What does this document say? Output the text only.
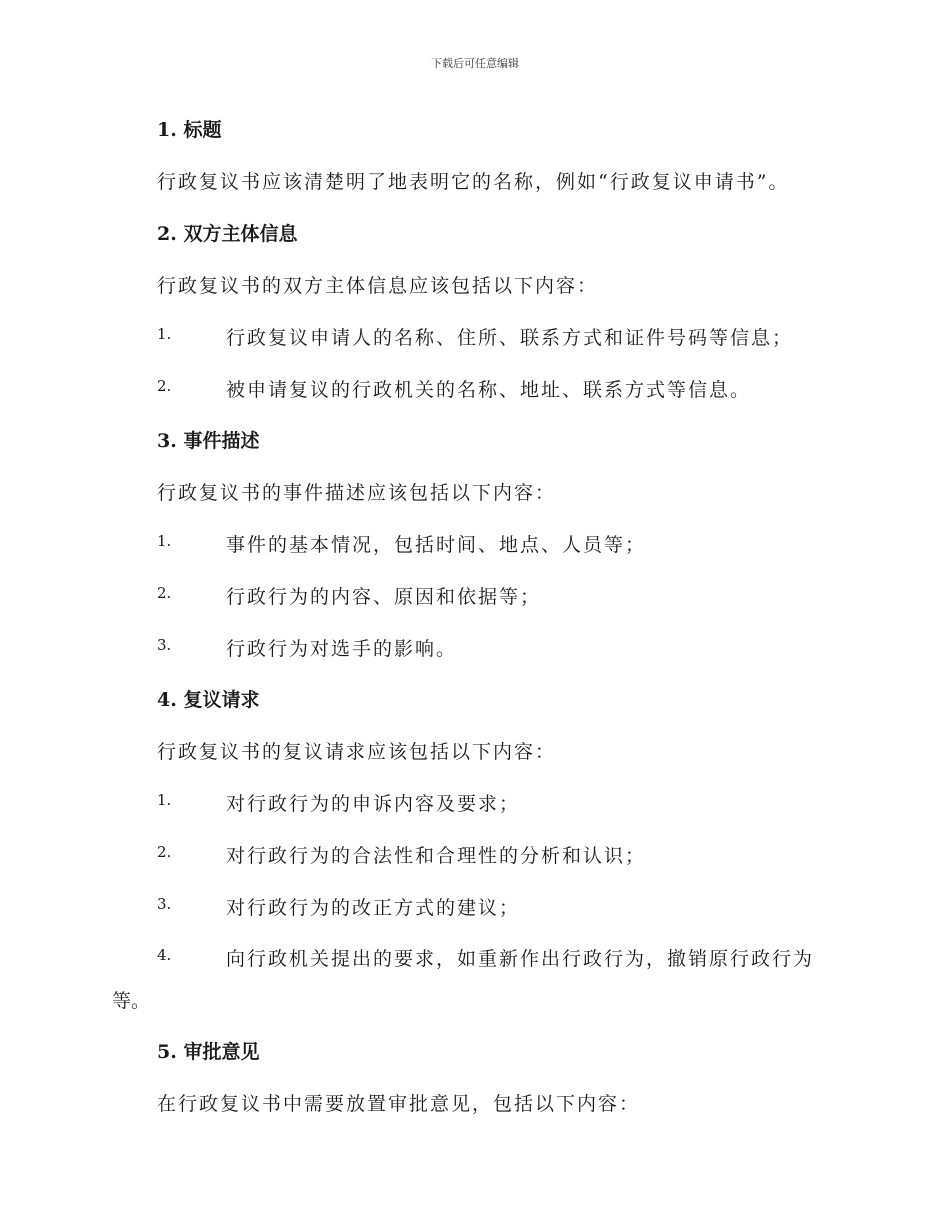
下载后可任意编辑
1. 标题
行政复议书应该清楚明了地表明它的名称，例如“行政复议申请书”。
2. 双方主体信息
行政复议书的双方主体信息应该包括以下内容：
1.	行政复议申请人的名称、住所、联系方式和证件号码等信息；
2.	被申请复议的行政机关的名称、地址、联系方式等信息。
3. 事件描述
行政复议书的事件描述应该包括以下内容：
1.	事件的基本情况，包括时间、地点、人员等；
2.	行政行为的内容、原因和依据等；
3.	行政行为对选手的影响。
4. 复议请求
行政复议书的复议请求应该包括以下内容：
1.	对行政行为的申诉内容及要求；
2.	对行政行为的合法性和合理性的分析和认识；
3.	对行政行为的改正方式的建议；
4.	向行政机关提出的要求，如重新作出行政行为，撤销原行政行为
等。
5. 审批意见
在行政复议书中需要放置审批意见，包括以下内容：
